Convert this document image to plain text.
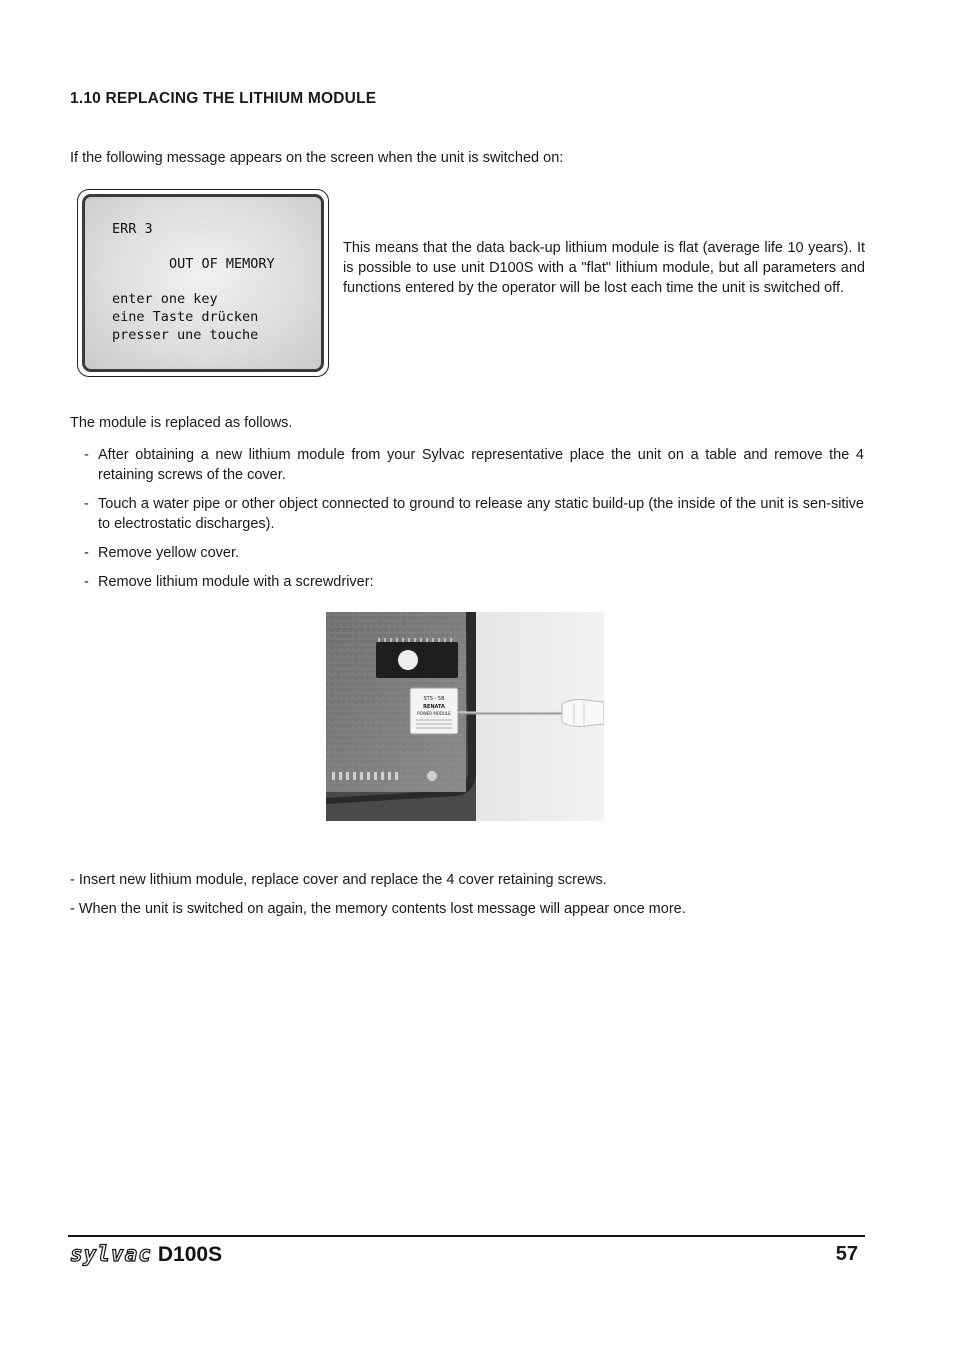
1.10 REPLACING THE LITHIUM MODULE
If the following message appears on the screen when the unit is switched on:
ERR 3
OUT OF MEMORY
enter one key
eine Taste drücken
presser une touche
This means that the data back-up lithium module is flat (average life 10 years). It is possible to use unit D100S with a "flat" lithium module, but all parameters and functions entered by the operator will be lost each time the unit is switched off.
The module is replaced as follows.
- After obtaining a new lithium module from your Sylvac representative place the unit on a table and remove the 4 retaining screws of the cover.
- Touch a water pipe or other object connected to ground to release any static build-up (the inside of the unit is sen-sitive to electrostatic discharges).
- Remove yellow cover.
- Remove lithium module with a screwdriver:
STS - 5B
RENATA
POWER MODULE
- Insert new lithium module, replace cover and replace the 4 cover retaining screws.
- When the unit is switched on again, the memory contents lost message will appear once more.
sylvac D100S	57
